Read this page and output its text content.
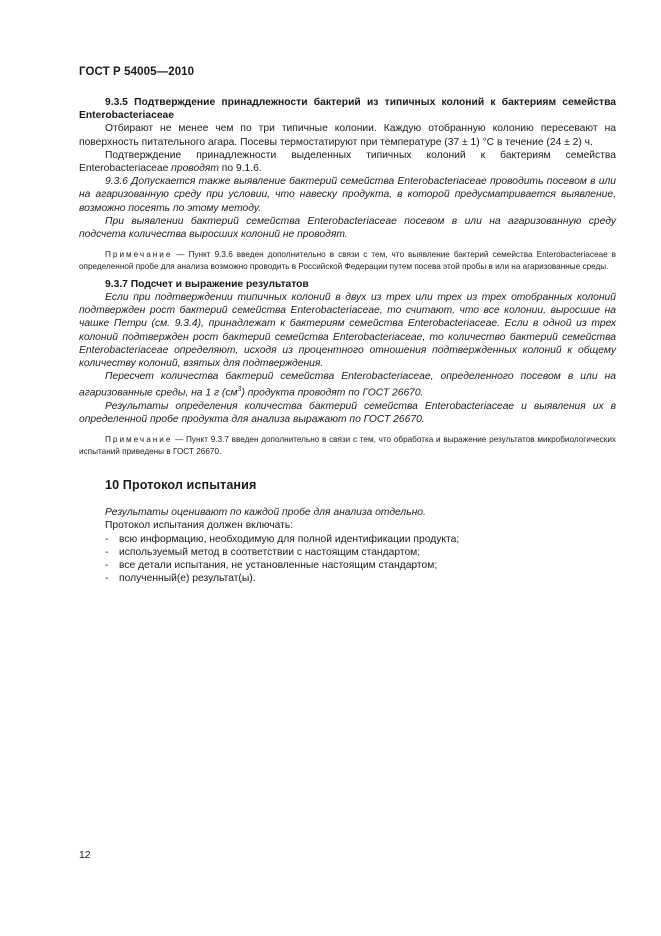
ГОСТ Р 54005—2010

9.3.5 Подтверждение принадлежности бактерий из типичных колоний к бактериям семейства Enterobacteriaceae

Отбирают не менее чем по три типичные колонии. Каждую отобранную колонию пересевают на поверхность питательного агара. Посевы термостатируют при температуре (37 ± 1) °C в течение (24 ± 2) ч.

Подтверждение принадлежности выделенных типичных колоний к бактериям семейства Enterobacteriaceae проводят по 9.1.6.

9.3.6 Допускается также выявление бактерий семейства Enterobacteriaceae проводить посевом в или на агаризованную среду при условии, что навеску продукта, в которой предусматривается выявление, возможно посеять по этому методу.

При выявлении бактерий семейства Enterobacteriaceae посевом в или на агаризованную среду подсчета количества выросших колоний не проводят.

Примечание — Пункт 9.3.6 введен дополнительно в связи с тем, что выявление бактерий семейства Enterobacteriaceae в определенной пробе для анализа возможно проводить в Российской Федерации путем посева этой пробы в или на агаризованные среды.

9.3.7 Подсчет и выражение результатов

Если при подтверждении типичных колоний в двух из трех или трех из трех отобранных колоний подтвержден рост бактерий семейства Enterobacteriaceae, то считают, что все колонии, выросшие на чашке Петри (см. 9.3.4), принадлежат к бактериям семейства Enterobacteriaceae. Если в одной из трех колоний подтвержден рост бактерий семейства Enterobacteriaceae, то количество бактерий семейства Enterobacteriaceae определяют, исходя из процентного отношения подтвержденных колоний к общему количеству колоний, взятых для подтверждения.

Пересчет количества бактерий семейства Enterobacteriaceae, определенного посевом в или на агаризованные среды, на 1 г $(см^3)$ продукта проводят по ГОСТ 26670.

Результаты определения количества бактерий семейства Enterobacteriaceae и выявления их в определенной пробе продукта для анализа выражают по ГОСТ 26670.

Примечание — Пункт 9.3.7 введен дополнительно в связи с тем, что обработка и выражение результатов микробиологических испытаний приведены в ГОСТ 26670.

10 Протокол испытания

Результаты оценивают по каждой пробе для анализа отдельно.

Протокол испытания должен включать:

- всю информацию, необходимую для полной идентификации продукта;

- используемый метод в соответствии с настоящим стандартом;

- все детали испытания, не установленные настоящим стандартом;

- полученный(е) результат(ы).

12
